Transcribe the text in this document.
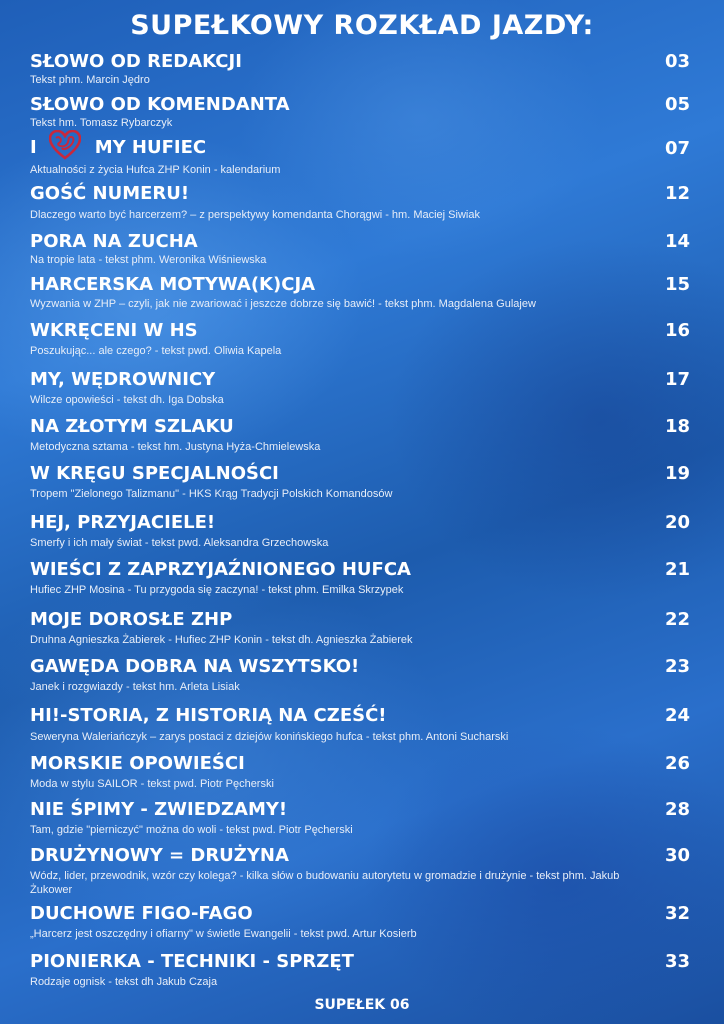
SUPEŁKOWY ROZKŁAD JAZDY:
SŁOWO OD REDAKCJI
Tekst phm. Marcin Jędro
03
SŁOWO OD KOMENDANTA
Tekst hm. Tomasz Rybarczyk
05
I	MY HUFIEC
Aktualności z życia Hufca ZHP Konin - kalendarium
07
GOŚĆ NUMERU!
Dlaczego warto być harcerzem? – z perspektywy komendanta Chorągwi - hm. Maciej Siwiak
12
PORA NA ZUCHA
Na tropie lata - tekst phm. Weronika Wiśniewska
14
HARCERSKA MOTYWA(K)CJA
Wyzwania w ZHP – czyli, jak nie zwariować i jeszcze dobrze się bawić! - tekst phm. Magdalena Gulajew
15
WKRĘCENI W HS
Poszukując... ale czego? - tekst pwd. Oliwia Kapela
16
MY, WĘDROWNICY
Wilcze opowieści - tekst dh. Iga Dobska
17
NA ZŁOTYM SZLAKU
Metodyczna sztama - tekst hm. Justyna Hyża-Chmielewska
18
W KRĘGU SPECJALNOŚCI
Tropem "Zielonego Talizmanu" - HKS Krąg Tradycji Polskich Komandosów
19
HEJ, PRZYJACIELE!
Smerfy i ich mały świat - tekst pwd. Aleksandra Grzechowska
20
WIEŚCI Z ZAPRZYJAŹNIONEGO HUFCA
Hufiec ZHP Mosina - Tu przygoda się zaczyna! - tekst phm. Emilka Skrzypek
21
MOJE DOROSŁE ZHP
Druhna Agnieszka Żabierek - Hufiec ZHP Konin - tekst dh. Agnieszka Żabierek
22
GAWĘDA DOBRA NA WSZYTSKO!
Janek i rozgwiazdy - tekst hm. Arleta Lisiak
23
HI!-STORIA, Z HISTORIĄ NA CZEŚĆ!
Seweryna Waleriańczyk – zarys postaci z dziejów konińskiego hufca - tekst phm. Antoni Sucharski
24
MORSKIE OPOWIEŚCI
Moda w stylu SAILOR - tekst pwd. Piotr Pęcherski
26
NIE ŚPIMY - ZWIEDZAMY!
Tam, gdzie "pierniczyć" można do woli - tekst pwd. Piotr Pęcherski
28
DRUŻYNOWY = DRUŻYNA
Wódz, lider, przewodnik, wzór czy kolega? - kilka słów o budowaniu autorytetu w gromadzie i drużynie - tekst phm. Jakub Żukower
30
DUCHOWE FIGO-FAGO
„Harcerz jest oszczędny i ofiarny" w świetle Ewangelii - tekst pwd. Artur Kosierb
32
PIONIERKA - TECHNIKI - SPRZĘT
Rodzaje ognisk - tekst dh Jakub Czaja
33
SUPEŁEK 06
